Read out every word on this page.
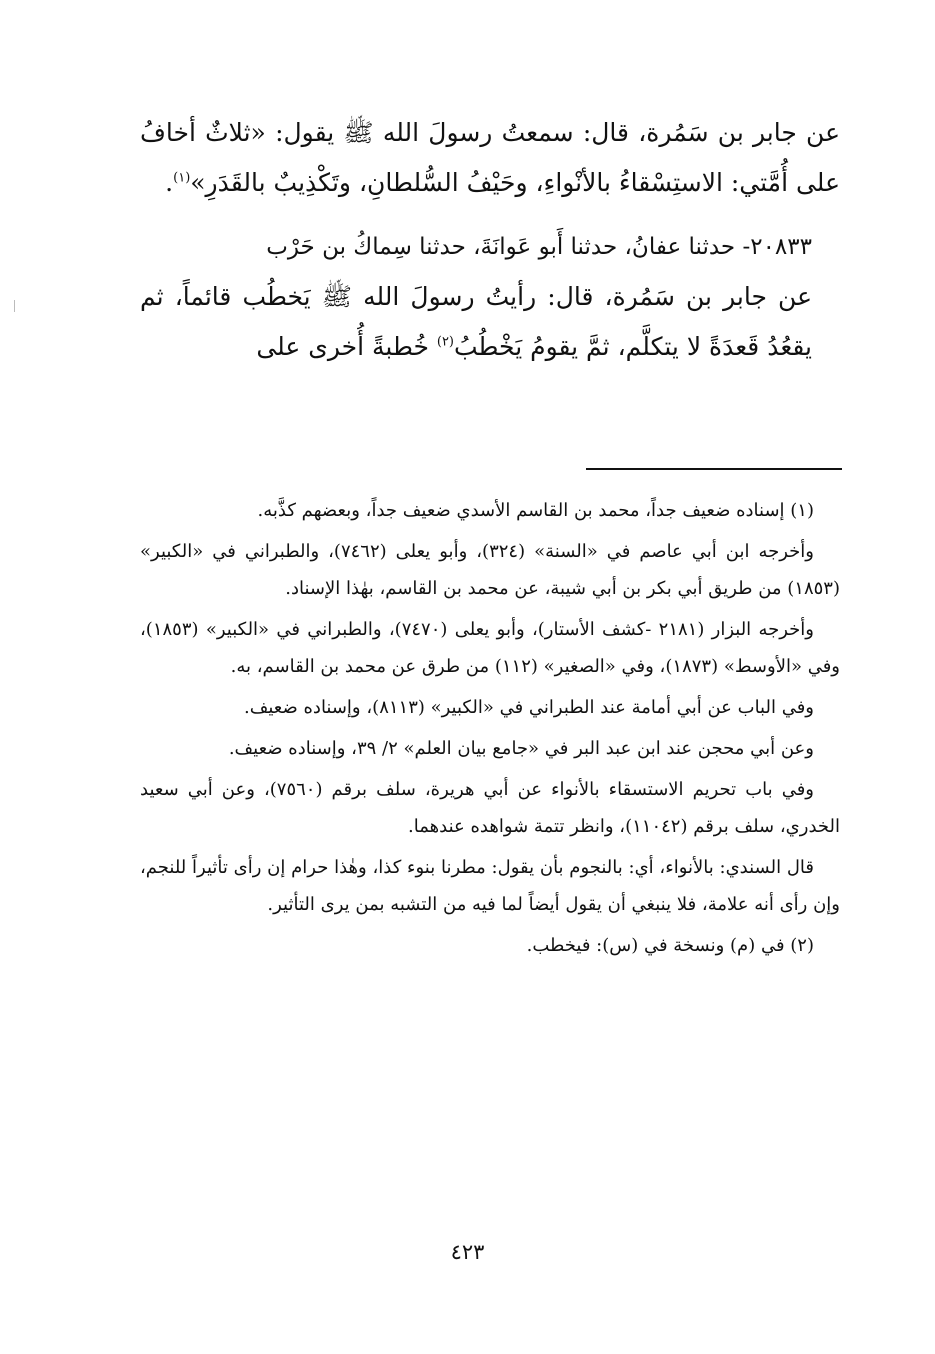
عن جابر بن سَمُرة، قال: سمعتُ رسولَ الله ﷺ يقول: «ثلاثٌ أخافُ على أُمَّتي: الاستِسْقاءُ بالأنْواءِ، وحَيْفُ السُّلطانِ، وتَكْذِيبٌ بالقَدَرِ»$^{(١)}$.

٢٠٨٣٣- حدثنا عفانُ، حدثنا أَبو عَوانَةَ، حدثنا سِماكُ بن حَرْب

عن جابر بن سَمُرة، قال: رأيتُ رسولَ الله ﷺ يَخطُب قائماً، ثم يقعُدُ قَعدَةً لا يتكلَّم، ثمَّ يقومُ يَخْطُبُ$^{(٢)}$ خُطبةً أُخرى على

(١) إسناده ضعيف جداً، محمد بن القاسم الأسدي ضعيف جداً، وبعضهم كذَّبه.

وأخرجه ابن أبي عاصم في «السنة» (٣٢٤)، وأبو يعلى (٧٤٦٢)، والطبراني في «الكبير» (١٨٥٣) من طريق أبي بكر بن أبي شيبة، عن محمد بن القاسم، بهٰذا الإسناد.

وأخرجه البزار (٢١٨١ -كشف الأستار)، وأبو يعلى (٧٤٧٠)، والطبراني في «الكبير» (١٨٥٣)، وفي «الأوسط» (١٨٧٣)، وفي «الصغير» (١١٢) من طرق عن محمد بن القاسم، به.

وفي الباب عن أبي أمامة عند الطبراني في «الكبير» (٨١١٣)، وإسناده ضعيف.

وعن أبي محجن عند ابن عبد البر في «جامع بيان العلم» ٢/ ٣٩، وإسناده ضعيف.

وفي باب تحريم الاستسقاء بالأنواء عن أبي هريرة، سلف برقم (٧٥٦٠)، وعن أبي سعيد الخدري، سلف برقم (١١٠٤٢)، وانظر تتمة شواهده عندهما.

قال السندي: بالأنواء، أي: بالنجوم بأن يقول: مطرنا بنوء كذا، وهٰذا حرام إن رأى تأثيراً للنجم، وإن رأى أنه علامة، فلا ينبغي أن يقول أيضاً لما فيه من التشبه بمن يرى التأثير.

(٢) في (م) ونسخة في (س): فيخطب.

٤٢٣
